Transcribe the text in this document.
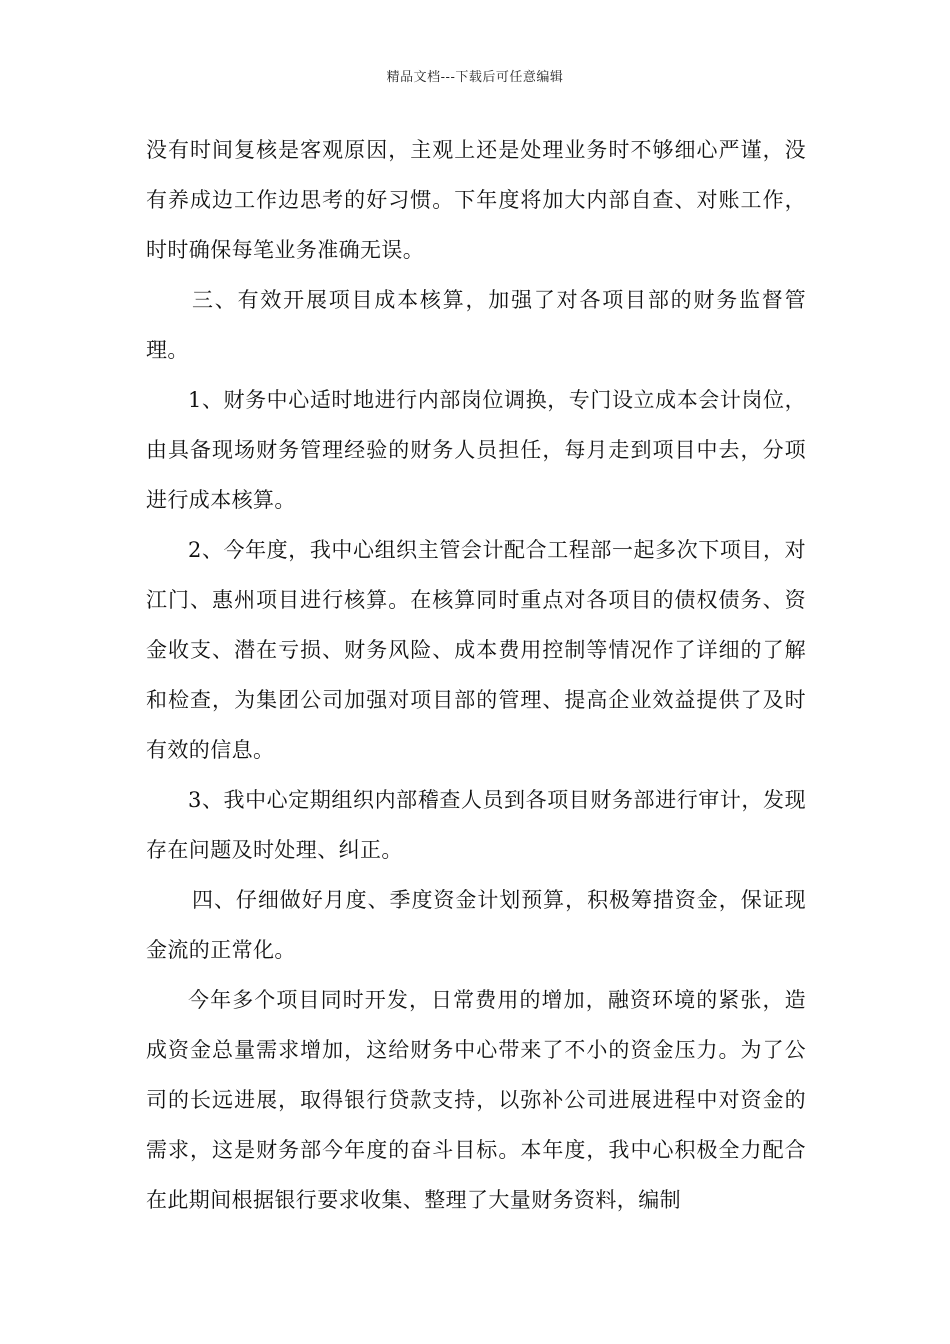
精品文档---下载后可任意编辑

没有时间复核是客观原因，主观上还是处理业务时不够细心严谨，没有养成边工作边思考的好习惯。下年度将加大内部自查、对账工作，时时确保每笔业务准确无误。

三、有效开展项目成本核算，加强了对各项目部的财务监督管理。

1、财务中心适时地进行内部岗位调换，专门设立成本会计岗位，由具备现场财务管理经验的财务人员担任，每月走到项目中去，分项进行成本核算。

2、今年度，我中心组织主管会计配合工程部一起多次下项目，对江门、惠州项目进行核算。在核算同时重点对各项目的债权债务、资金收支、潜在亏损、财务风险、成本费用控制等情况作了详细的了解和检查，为集团公司加强对项目部的管理、提高企业效益提供了及时有效的信息。

3、我中心定期组织内部稽查人员到各项目财务部进行审计，发现存在问题及时处理、纠正。

四、仔细做好月度、季度资金计划预算，积极筹措资金，保证现金流的正常化。

今年多个项目同时开发，日常费用的增加，融资环境的紧张，造成资金总量需求增加，这给财务中心带来了不小的资金压力。为了公司的长远进展，取得银行贷款支持，以弥补公司进展进程中对资金的需求，这是财务部今年度的奋斗目标。本年度，我中心积极全力配合在此期间根据银行要求收集、整理了大量财务资料，编制
